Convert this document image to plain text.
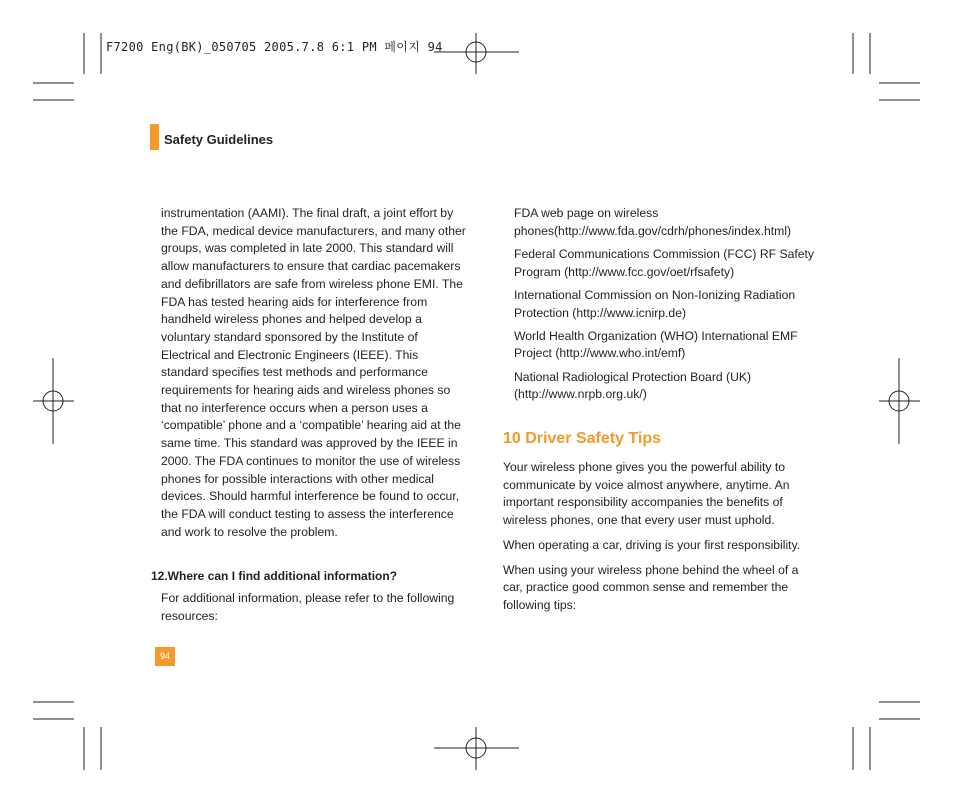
F7200 Eng(BK)_050705 2005.7.8 6:1 PM 페이지 94
Safety Guidelines

instrumentation (AAMI). The final draft, a joint effort by the FDA, medical device manufacturers, and many other groups, was completed in late 2000. This standard will allow manufacturers to ensure that cardiac pacemakers and defibrillators are safe from wireless phone EMI. The FDA has tested hearing aids for interference from handheld wireless phones and helped develop a voluntary standard sponsored by the Institute of Electrical and Electronic Engineers (IEEE). This standard specifies test methods and performance requirements for hearing aids and wireless phones so that no interference occurs when a person uses a ‘compatible’ phone and a ‘compatible’ hearing aid at the same time. This standard was approved by the IEEE in 2000. The FDA continues to monitor the use of wireless phones for possible interactions with other medical devices. Should harmful interference be found to occur, the FDA will conduct testing to assess the interference and work to resolve the problem.

12.Where can I find additional information?

For additional information, please refer to the following resources:

FDA web page on wireless phones(http://www.fda.gov/cdrh/phones/index.html)

Federal Communications Commission (FCC) RF Safety Program (http://www.fcc.gov/oet/rfsafety)

International Commission on Non-Ionizing Radiation Protection (http://www.icnirp.de)

World Health Organization (WHO) International EMF Project (http://www.who.int/emf)

National Radiological Protection Board (UK) (http://www.nrpb.org.uk/)

10 Driver Safety Tips

Your wireless phone gives you the powerful ability to communicate by voice almost anywhere, anytime. An important responsibility accompanies the benefits of wireless phones, one that every user must uphold.

When operating a car, driving is your first responsibility.

When using your wireless phone behind the wheel of a car, practice good common sense and remember the following tips:

94
